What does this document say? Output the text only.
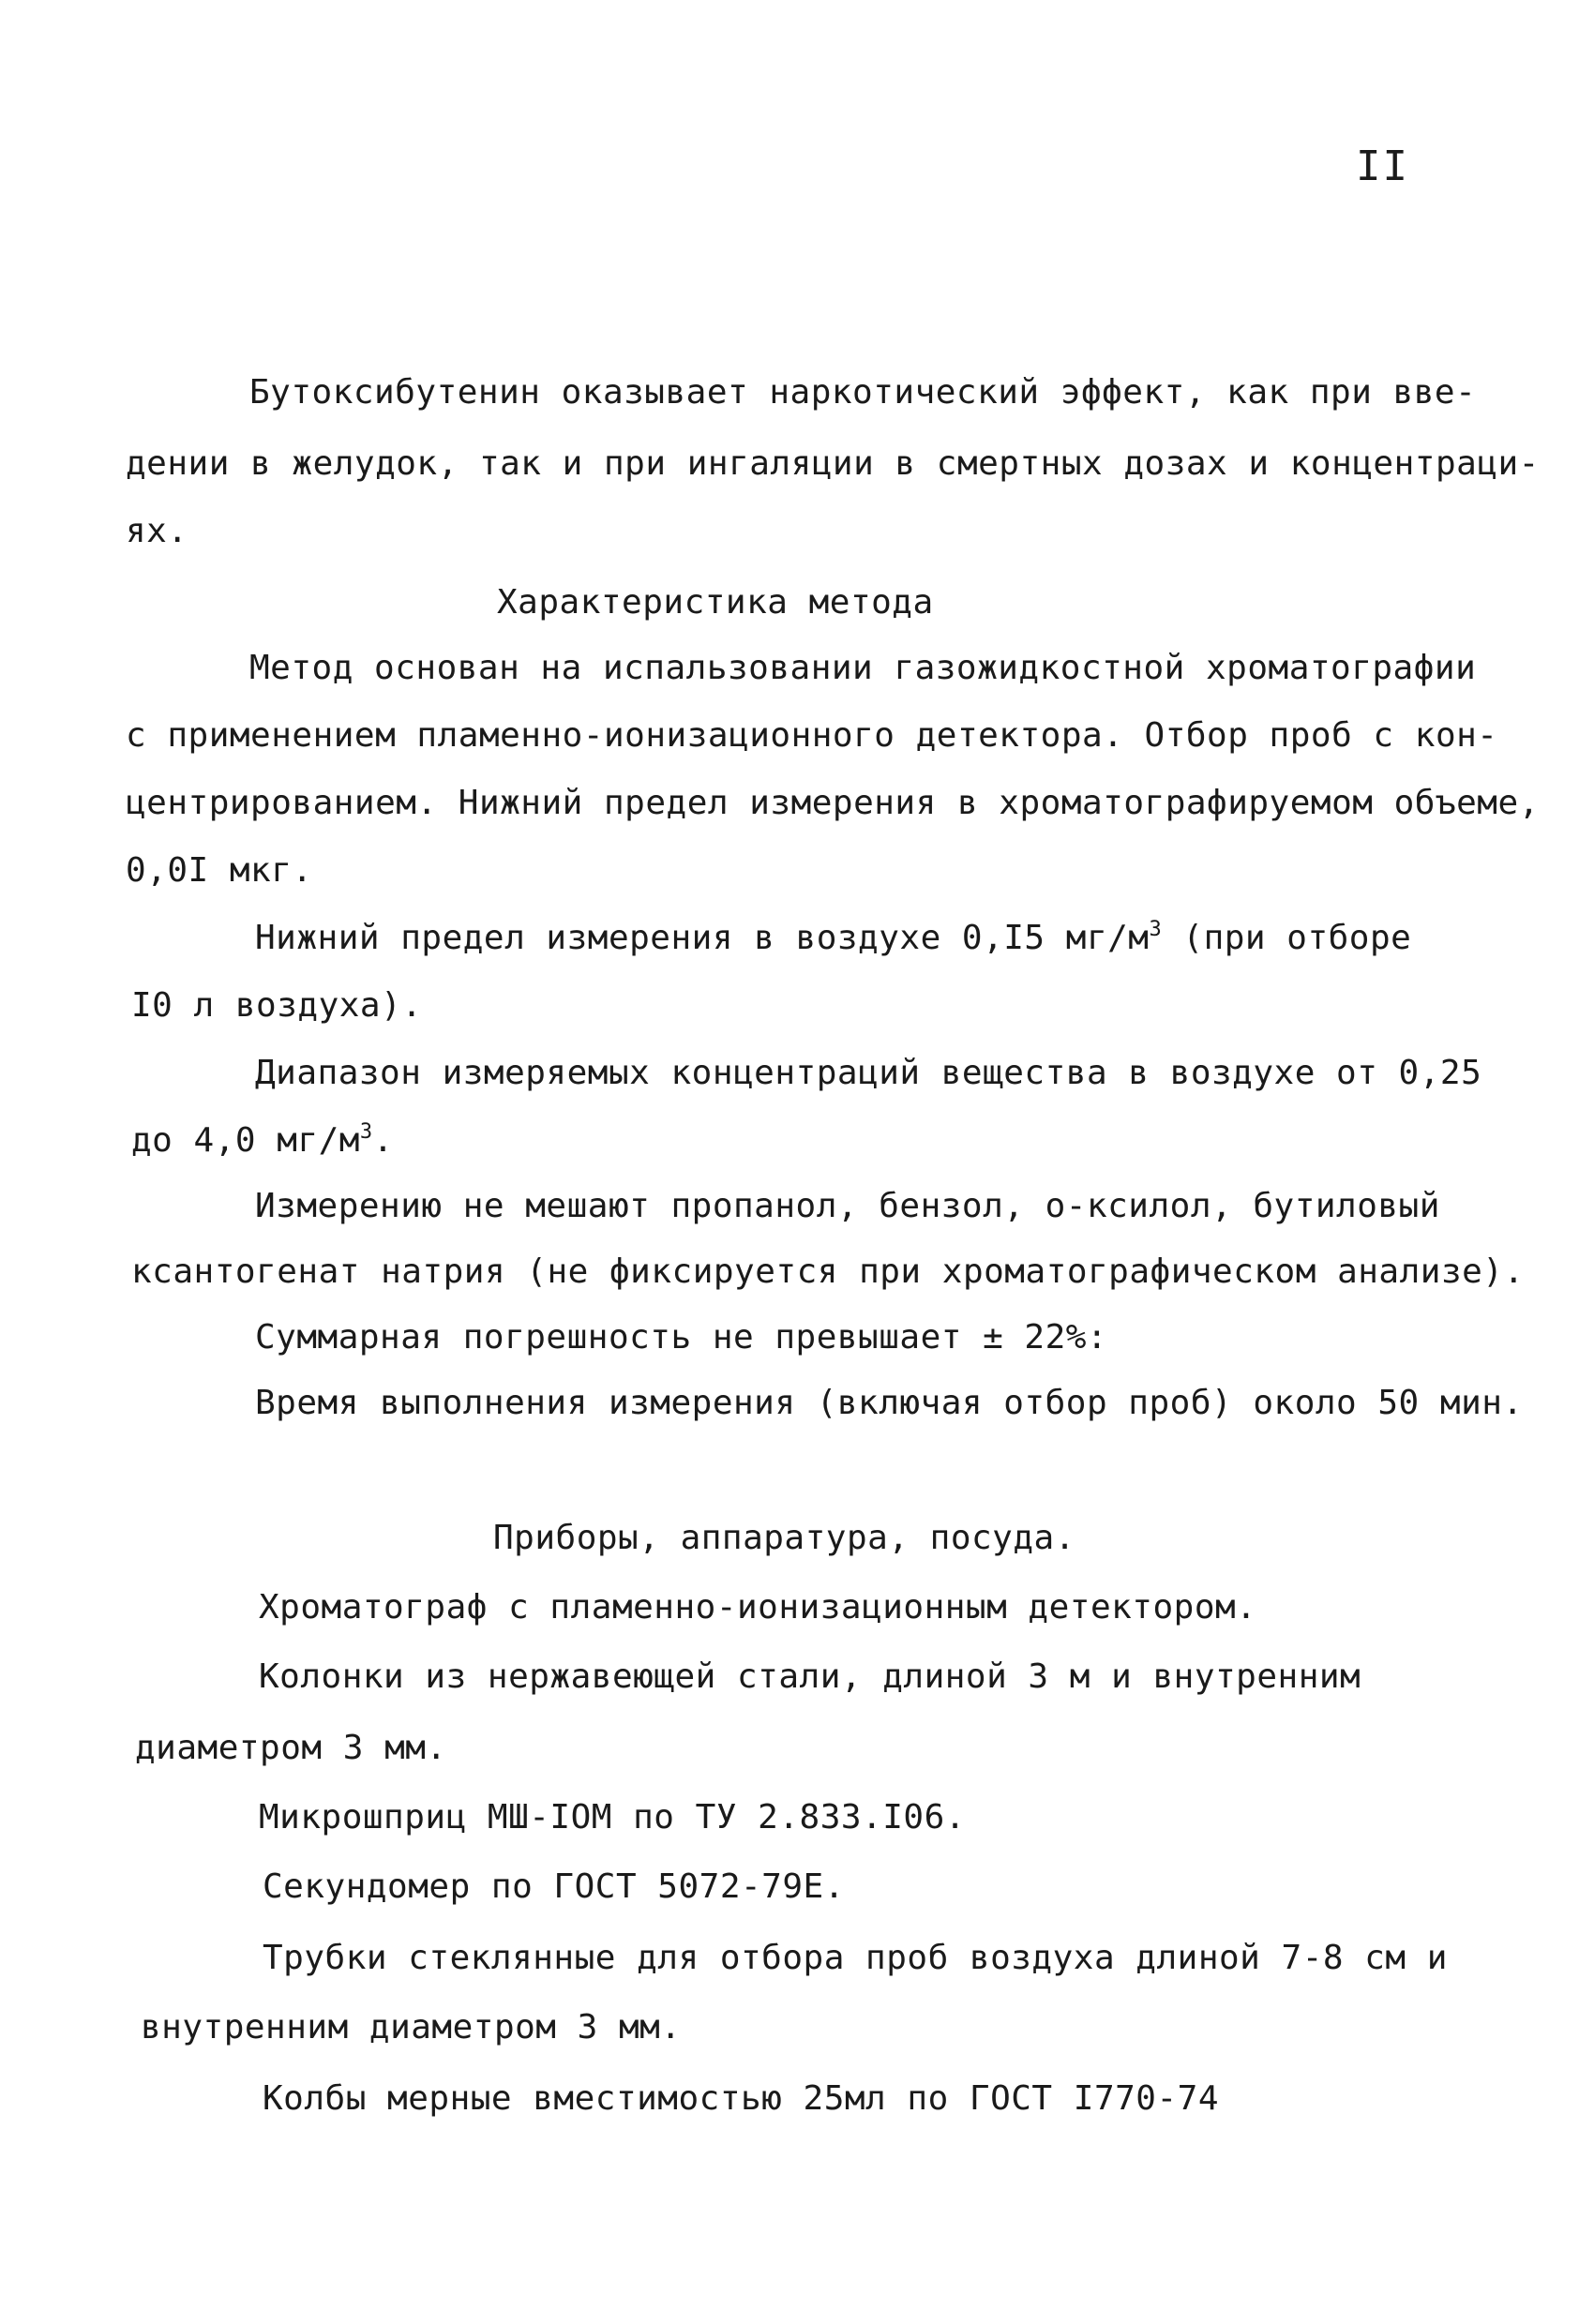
II
Бутоксибутенин оказывает наркотический эффект, как при вве-
дении в желудок, так и при ингаляции в смертных дозах и концентраци-
ях.
Характеристика метода
Метод основан на испальзовании газожидкостной хроматографии
с применением пламенно-ионизационного детектора. Отбор проб с кон-
центрированием. Нижний предел измерения в хроматографируемом объеме,
0,0I мкг.
Нижний предел измерения в воздухе 0,I5 $мг/м^3$ (при отборе
I0 л воздуха).
Диапазон измеряемых концентраций вещества в воздухе от 0,25
до 4,0 $мг/м^3$.
Измерению не мешают пропанол, бензол, о-ксилол, бутиловый
ксантогенат натрия (не фиксируется при хроматографическом анализе).
Суммарная погрешность не превышает ± 22%:
Время выполнения измерения (включая отбор проб) около 50 мин.
Приборы, аппаратура, посуда.
Хроматограф с пламенно-ионизационным детектором.
Колонки из нержавеющей стали, длиной 3 м и внутренним
диаметром 3 мм.
Микрошприц МШ-IОМ по ТУ 2.833.I06.
Секундомер по ГОСТ 5072-79Е.
Трубки стеклянные для отбора проб воздуха длиной 7-8 см и
внутренним диаметром 3 мм.
Колбы мерные вместимостью 25мл по ГОСТ I770-74
